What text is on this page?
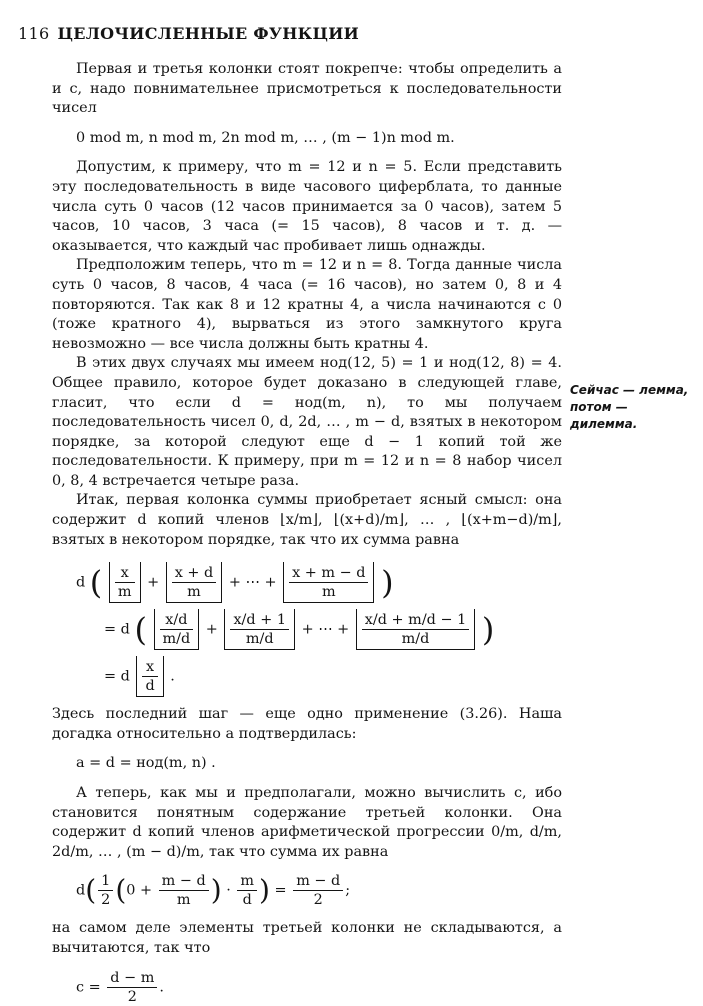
116 ЦЕЛОЧИСЛЕННЫЕ ФУНКЦИИ
Сейчас — лемма,
потом — дилемма.

Первая и третья колонки стоят покрепче: чтобы определить a и c, надо повнимательнее присмотреться к последовательности чисел

0 mod m, n mod m, 2n mod m, … , (m − 1)n mod m.

Допустим, к примеру, что m = 12 и n = 5. Если представить эту последовательность в виде часового циферблата, то данные числа суть 0 часов (12 часов принимается за 0 часов), затем 5 часов, 10 часов, 3 часа (= 15 часов), 8 часов и т. д. — оказывается, что каждый час пробивает лишь однажды.

Предположим теперь, что m = 12 и n = 8. Тогда данные числа суть 0 часов, 8 часов, 4 часа (= 16 часов), но затем 0, 8 и 4 повторяются. Так как 8 и 12 кратны 4, а числа начинаются с 0 (тоже кратного 4), вырваться из этого замкнутого круга невозможно — все числа должны быть кратны 4.

В этих двух случаях мы имеем нод(12, 5) = 1 и нод(12, 8) = 4. Общее правило, которое будет доказано в следующей главе, гласит, что если d = нод(m, n), то мы получаем последовательность чисел 0, d, 2d, … , m − d, взятых в некотором порядке, за которой следуют еще d − 1 копий той же последовательности. К примеру, при m = 12 и n = 8 набор чисел 0, 8, 4 встречается четыре раза.

Итак, первая колонка суммы приобретает ясный смысл: она содержит d копий членов ⌊x/m⌋, ⌊(x+d)/m⌋, … , ⌊(x+m−d)/m⌋, взятых в некотором порядке, так что их сумма равна

d ( $\frac{x}{m} + \frac{x + d}{m}$ + ⋯ + $\frac{x + m - d}{m}$ )
= d ( $\frac{x/d}{m/d} + \frac{x/d + 1}{m/d}$ + ⋯ + $\frac{x/d + m/d - 1}{m/d}$ )
= d $\frac{x}{d}$ .

Здесь последний шаг — еще одно применение (3.26). Наша догадка относительно a подтвердилась:

a = d = нод(m, n) .

А теперь, как мы и предполагали, можно вычислить c, ибо становится понятным содержание третьей колонки. Она содержит d копий членов арифметической прогрессии 0/m, d/m, 2d/m, … , (m − d)/m, так что сумма их равна

$d( \frac{1}{2} (0 + \frac{m - d}{m}$ ) · $\frac{m}{d}$ ) = $\frac{m - d}{2}$ ;

на самом деле элементы третьей колонки не складываются, а вычитаются, так что

$c = \frac{d - m}{2}$ .
